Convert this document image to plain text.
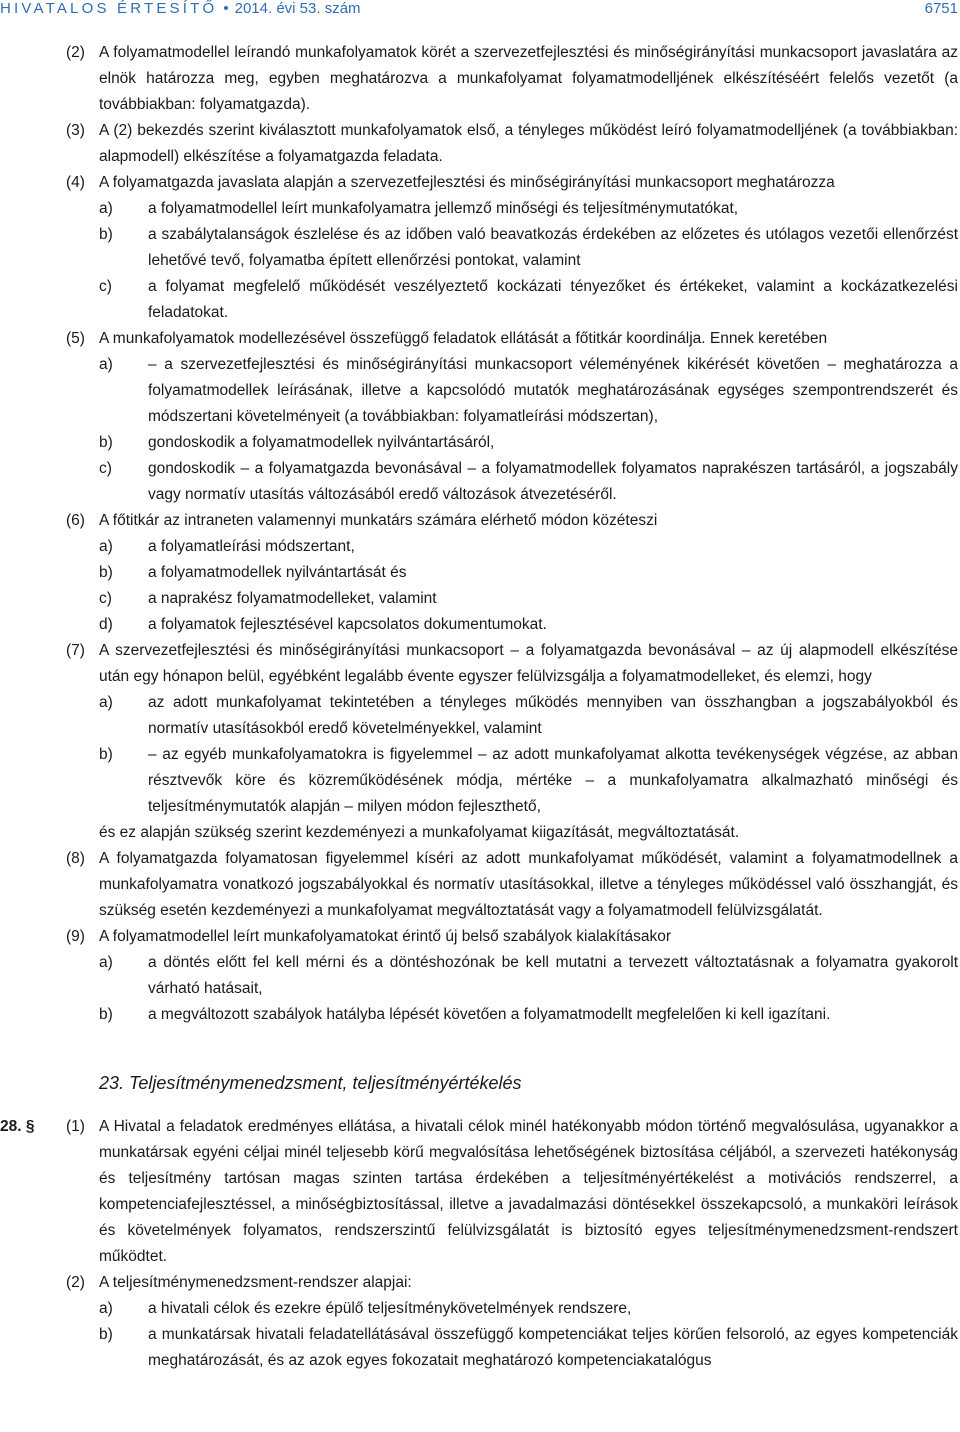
HIVATALOS ÉRTESÍTŐ • 2014. évi 53. szám	6751
(2) A folyamatmodellel leírandó munkafolyamatok körét a szervezetfejlesztési és minőségirányítási munkacsoport javaslatára az elnök határozza meg, egyben meghatározva a munkafolyamat folyamatmodelljének elkészítéséért felelős vezetőt (a továbbiakban: folyamatgazda).
(3) A (2) bekezdés szerint kiválasztott munkafolyamatok első, a tényleges működést leíró folyamatmodelljének (a továbbiakban: alapmodell) elkészítése a folyamatgazda feladata.
(4) A folyamatgazda javaslata alapján a szervezetfejlesztési és minőségirányítási munkacsoport meghatározza
a)	a folyamatmodellel leírt munkafolyamatra jellemző minőségi és teljesítménymutatókat,
b)	a szabálytalanságok észlelése és az időben való beavatkozás érdekében az előzetes és utólagos vezetői ellenőrzést lehetővé tevő, folyamatba épített ellenőrzési pontokat, valamint
c)	a folyamat megfelelő működését veszélyeztető kockázati tényezőket és értékeket, valamint a kockázatkezelési feladatokat.
(5) A munkafolyamatok modellezésével összefüggő feladatok ellátását a főtitkár koordinálja. Ennek keretében
a)	– a szervezetfejlesztési és minőségirányítási munkacsoport véleményének kikérését követően – meghatározza a folyamatmodellek leírásának, illetve a kapcsolódó mutatók meghatározásának egységes szempontrendszerét és módszertani követelményeit (a továbbiakban: folyamatleírási módszertan),
b)	gondoskodik a folyamatmodellek nyilvántartásáról,
c)	gondoskodik – a folyamatgazda bevonásával – a folyamatmodellek folyamatos naprakészen tartásáról, a jogszabály vagy normatív utasítás változásából eredő változások átvezetéséről.
(6) A főtitkár az intraneten valamennyi munkatárs számára elérhető módon közéteszi
a)	a folyamatleírási módszertant,
b)	a folyamatmodellek nyilvántartását és
c)	a naprakész folyamatmodelleket, valamint
d)	a folyamatok fejlesztésével kapcsolatos dokumentumokat.
(7) A szervezetfejlesztési és minőségirányítási munkacsoport – a folyamatgazda bevonásával – az új alapmodell elkészítése után egy hónapon belül, egyébként legalább évente egyszer felülvizsgálja a folyamatmodelleket, és elemzi, hogy
a)	az adott munkafolyamat tekintetében a tényleges működés mennyiben van összhangban a jogszabályokból és normatív utasításokból eredő követelményekkel, valamint
b)	– az egyéb munkafolyamatokra is figyelemmel – az adott munkafolyamat alkotta tevékenységek végzése, az abban résztvevők köre és közreműködésének módja, mértéke – a munkafolyamatra alkalmazható minőségi és teljesítménymutatók alapján – milyen módon fejleszthető,
és ez alapján szükség szerint kezdeményezi a munkafolyamat kiigazítását, megváltoztatását.
(8) A folyamatgazda folyamatosan figyelemmel kíséri az adott munkafolyamat működését, valamint a folyamatmodellnek a munkafolyamatra vonatkozó jogszabályokkal és normatív utasításokkal, illetve a tényleges működéssel való összhangját, és szükség esetén kezdeményezi a munkafolyamat megváltoztatását vagy a folyamatmodell felülvizsgálatát.
(9) A folyamatmodellel leírt munkafolyamatokat érintő új belső szabályok kialakításakor
a)	a döntés előtt fel kell mérni és a döntéshozónak be kell mutatni a tervezett változtatásnak a folyamatra gyakorolt várható hatásait,
b)	a megváltozott szabályok hatályba lépését követően a folyamatmodellt megfelelően ki kell igazítani.
23. Teljesítménymenedzsment, teljesítményértékelés
28. §	(1) A Hivatal a feladatok eredményes ellátása, a hivatali célok minél hatékonyabb módon történő megvalósulása, ugyanakkor a munkatársak egyéni céljai minél teljesebb körű megvalósítása lehetőségének biztosítása céljából, a szervezeti hatékonyság és teljesítmény tartósan magas szinten tartása érdekében a teljesítményértékelést a motivációs rendszerrel, a kompetenciafejlesztéssel, a minőségbiztosítással, illetve a javadalmazási döntésekkel összekapcsoló, a munkaköri leírások és követelmények folyamatos, rendszerszintű felülvizsgálatát is biztosító egyes teljesítménymenedzsment-rendszert működtet.
(2) A teljesítménymenedzsment-rendszer alapjai:
a)	a hivatali célok és ezekre épülő teljesítménykövetelmények rendszere,
b)	a munkatársak hivatali feladatellátásával összefüggő kompetenciákat teljes körűen felsoroló, az egyes kompetenciák meghatározását, és az azok egyes fokozatait meghatározó kompetenciakatalógus
